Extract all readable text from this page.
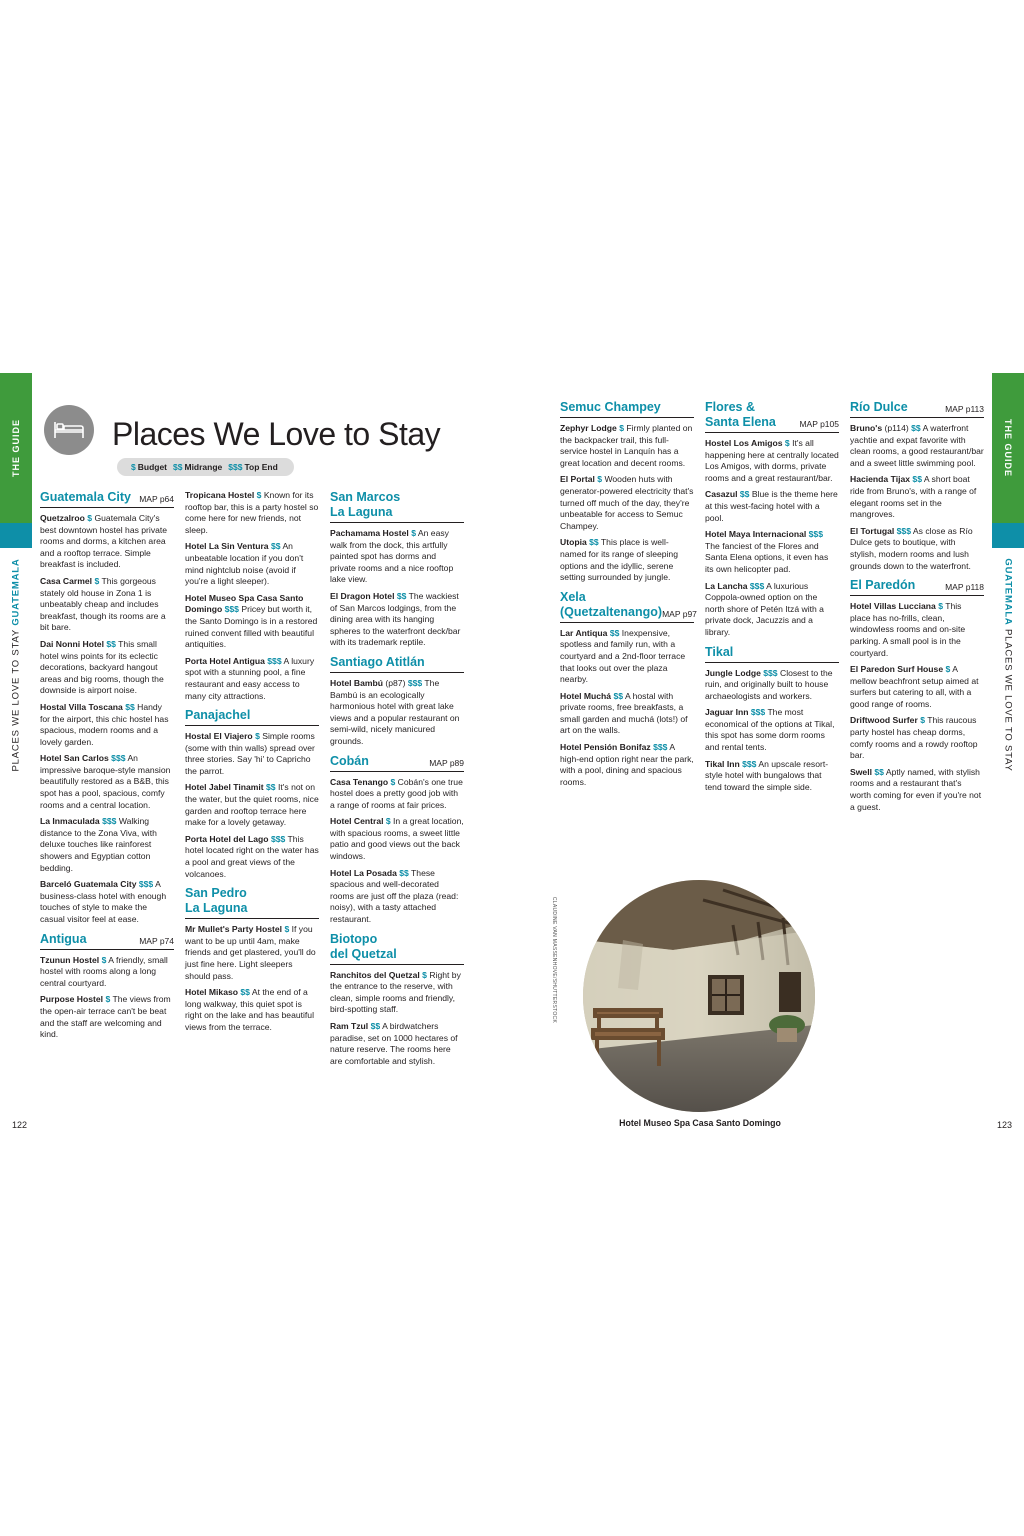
THE GUIDE
PLACES WE LOVE TO STAY GUATEMALA
Places We Love to Stay
$ Budget $$ Midrange $$$ Top End
Guatemala City MAP p64
Quetzalroo $ Guatemala City's best downtown hostel has private rooms and dorms, a kitchen area and a rooftop terrace. Simple breakfast is included.
Casa Carmel $ This gorgeous stately old house in Zona 1 is unbeatably cheap and includes breakfast, though its rooms are a bit bare.
Dai Nonni Hotel $$ This small hotel wins points for its eclectic decorations, backyard hangout areas and big rooms, though the downside is airport noise.
Hostal Villa Toscana $$ Handy for the airport, this chic hostel has spacious, modern rooms and a lovely garden.
Hotel San Carlos $$$ An impressive baroque-style mansion beautifully restored as a B&B, this spot has a pool, spacious, comfy rooms and a central location.
La Inmaculada $$$ Walking distance to the Zona Viva, with deluxe touches like rainforest showers and Egyptian cotton bedding.
Barceló Guatemala City $$$ A business-class hotel with enough touches of style to make the casual visitor feel at ease.
Antigua	MAP p74
Tzunun Hostel $ A friendly, small hostel with rooms along a long central courtyard.
Purpose Hostel $ The views from the open-air terrace can't be beat and the staff are welcoming and kind.
Tropicana Hostel $ Known for its rooftop bar, this is a party hostel so come here for new friends, not sleep.
Hotel La Sin Ventura $$ An unbeatable location if you don't mind nightclub noise (avoid if you're a light sleeper).
Hotel Museo Spa Casa Santo Domingo $$$ Pricey but worth it, the Santo Domingo is in a restored ruined convent filled with beautiful antiquities.
Porta Hotel Antigua $$$ A luxury spot with a stunning pool, a fine restaurant and easy access to many city attractions.
Panajachel
Hostal El Viajero $ Simple rooms (some with thin walls) spread over three stories. Say 'hi' to Capricho the parrot.
Hotel Jabel Tinamit $$ It's not on the water, but the quiet rooms, nice garden and rooftop terrace here make for a lovely getaway.
Porta Hotel del Lago $$$ This hotel located right on the water has a pool and great views of the volcanoes.
San Pedro
La Laguna
Mr Mullet's Party Hostel $ If you want to be up until 4am, make friends and get plastered, you'll do just fine here. Light sleepers should pass.
Hotel Mikaso $$ At the end of a long walkway, this quiet spot is right on the lake and has beautiful views from the terrace.
San Marcos
La Laguna
Pachamama Hostel $ An easy walk from the dock, this artfully painted spot has dorms and private rooms and a nice rooftop lake view.
El Dragon Hotel $$ The wackiest of San Marcos lodgings, from the dining area with its hanging spheres to the waterfront deck/bar with its trademark reptile.
Santiago Atitlán
Hotel Bambú (p87) $$$ The Bambú is an ecologically harmonious hotel with great lake views and a popular restaurant on semi-wild, nicely manicured grounds.
Cobán	MAP p89
Casa Tenango $ Cobán's one true hostel does a pretty good job with a range of rooms at fair prices.
Hotel Central $ In a great location, with spacious rooms, a sweet little patio and good views out the back windows.
Hotel La Posada $$ These spacious and well-decorated rooms are just off the plaza (read: noisy), with a tasty attached restaurant.
Biotopo
del Quetzal
Ranchitos del Quetzal $ Right by the entrance to the reserve, with clean, simple rooms and friendly, bird-spotting staff.
Ram Tzul $$ A birdwatchers paradise, set on 1000 hectares of nature reserve. The rooms here are comfortable and stylish.
122
Semuc Champey
Zephyr Lodge $ Firmly planted on the backpacker trail, this full-service hostel in Lanquín has a great location and decent rooms.
El Portal $ Wooden huts with generator-powered electricity that's turned off much of the day, they're unbeatable for access to Semuc Champey.
Utopia $$ This place is well-named for its range of sleeping options and the idyllic, serene setting surrounded by jungle.
Xela
(Quetzaltenango) MAP p97
Lar Antiqua $$ Inexpensive, spotless and family run, with a courtyard and a 2nd-floor terrace that looks out over the plaza nearby.
Hotel Muchá $$ A hostal with private rooms, free breakfasts, a small garden and muchá (lots!) of art on the walls.
Hotel Pensión Bonifaz $$$ A high-end option right near the park, with a pool, dining and spacious rooms.
Flores &
Santa Elena	MAP p105
Hostel Los Amigos $ It's all happening here at centrally located Los Amigos, with dorms, private rooms and a great restaurant/bar.
Casazul $$ Blue is the theme here at this west-facing hotel with a pool.
Hotel Maya Internacional $$$ The fanciest of the Flores and Santa Elena options, it even has its own helicopter pad.
La Lancha $$$ A luxurious Coppola-owned option on the north shore of Petén Itzá with a private dock, Jacuzzis and a library.
Tikal
Jungle Lodge $$$ Closest to the ruin, and originally built to house archaeologists and workers.
Jaguar Inn $$$ The most economical of the options at Tikal, this spot has some dorm rooms and rental tents.
Tikal Inn $$$ An upscale resort-style hotel with bungalows that tend toward the simple side.
Río Dulce	MAP p113
Bruno's (p114) $$ A waterfront yachtie and expat favorite with clean rooms, a good restaurant/bar and a sweet little swimming pool.
Hacienda Tijax $$ A short boat ride from Bruno's, with a range of elegant rooms set in the mangroves.
El Tortugal $$$ As close as Río Dulce gets to boutique, with stylish, modern rooms and lush grounds down to the waterfront.
El Paredón	MAP p118
Hotel Villas Lucciana $ This place has no-frills, clean, windowless rooms and on-site parking. A small pool is in the courtyard.
El Paredon Surf House $ A mellow beachfront setup aimed at surfers but catering to all, with a good range of rooms.
Driftwood Surfer $ This raucous party hostel has cheap dorms, comfy rooms and a rowdy rooftop bar.
Swell $$ Aptly named, with stylish rooms and a restaurant that's worth coming for even if you're not a guest.
THE GUIDE
GUATEMALA PLACES WE LOVE TO STAY
CLAUDINE VAN MASSENHOVE/SHUTTERSTOCK
Hotel Museo Spa Casa Santo Domingo	123
